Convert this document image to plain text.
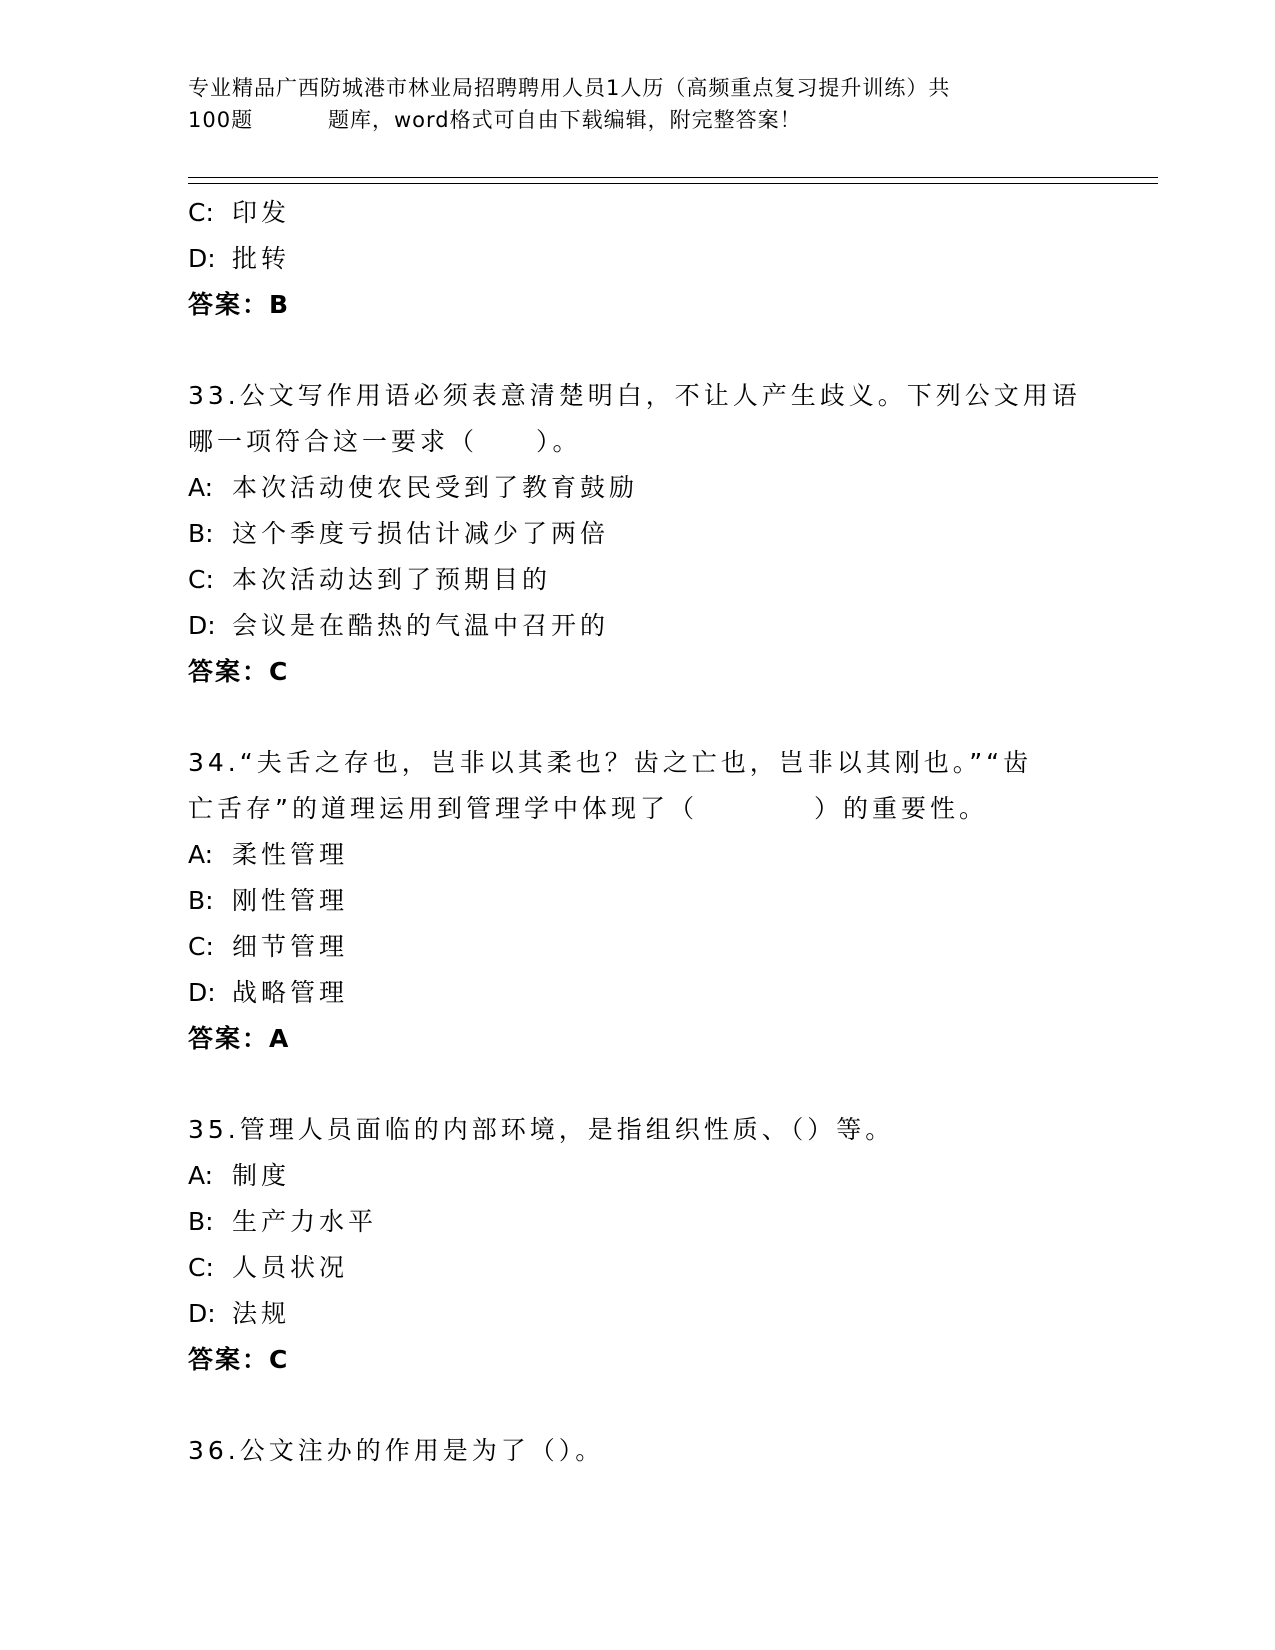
专业精品广西防城港市林业局招聘聘用人员1人历（高频重点复习提升训练）共
100题	题库，word格式可自由下载编辑，附完整答案！
C: 印发
D: 批转
答案：B
33.公文写作用语必须表意清楚明白，不让人产生歧义。下列公文用语
哪一项符合这一要求（　　）。
A: 本次活动使农民受到了教育鼓励
B: 这个季度亏损估计减少了两倍
C: 本次活动达到了预期目的
D: 会议是在酷热的气温中召开的
答案：C
34.“夫舌之存也，岂非以其柔也？齿之亡也，岂非以其刚也。”“齿
亡舌存”的道理运用到管理学中体现了（　　　　）的重要性。
A: 柔性管理
B: 刚性管理
C: 细节管理
D: 战略管理
答案：A
35.管理人员面临的内部环境，是指组织性质、（）等。
A: 制度
B: 生产力水平
C: 人员状况
D: 法规
答案：C
36.公文注办的作用是为了（）。
